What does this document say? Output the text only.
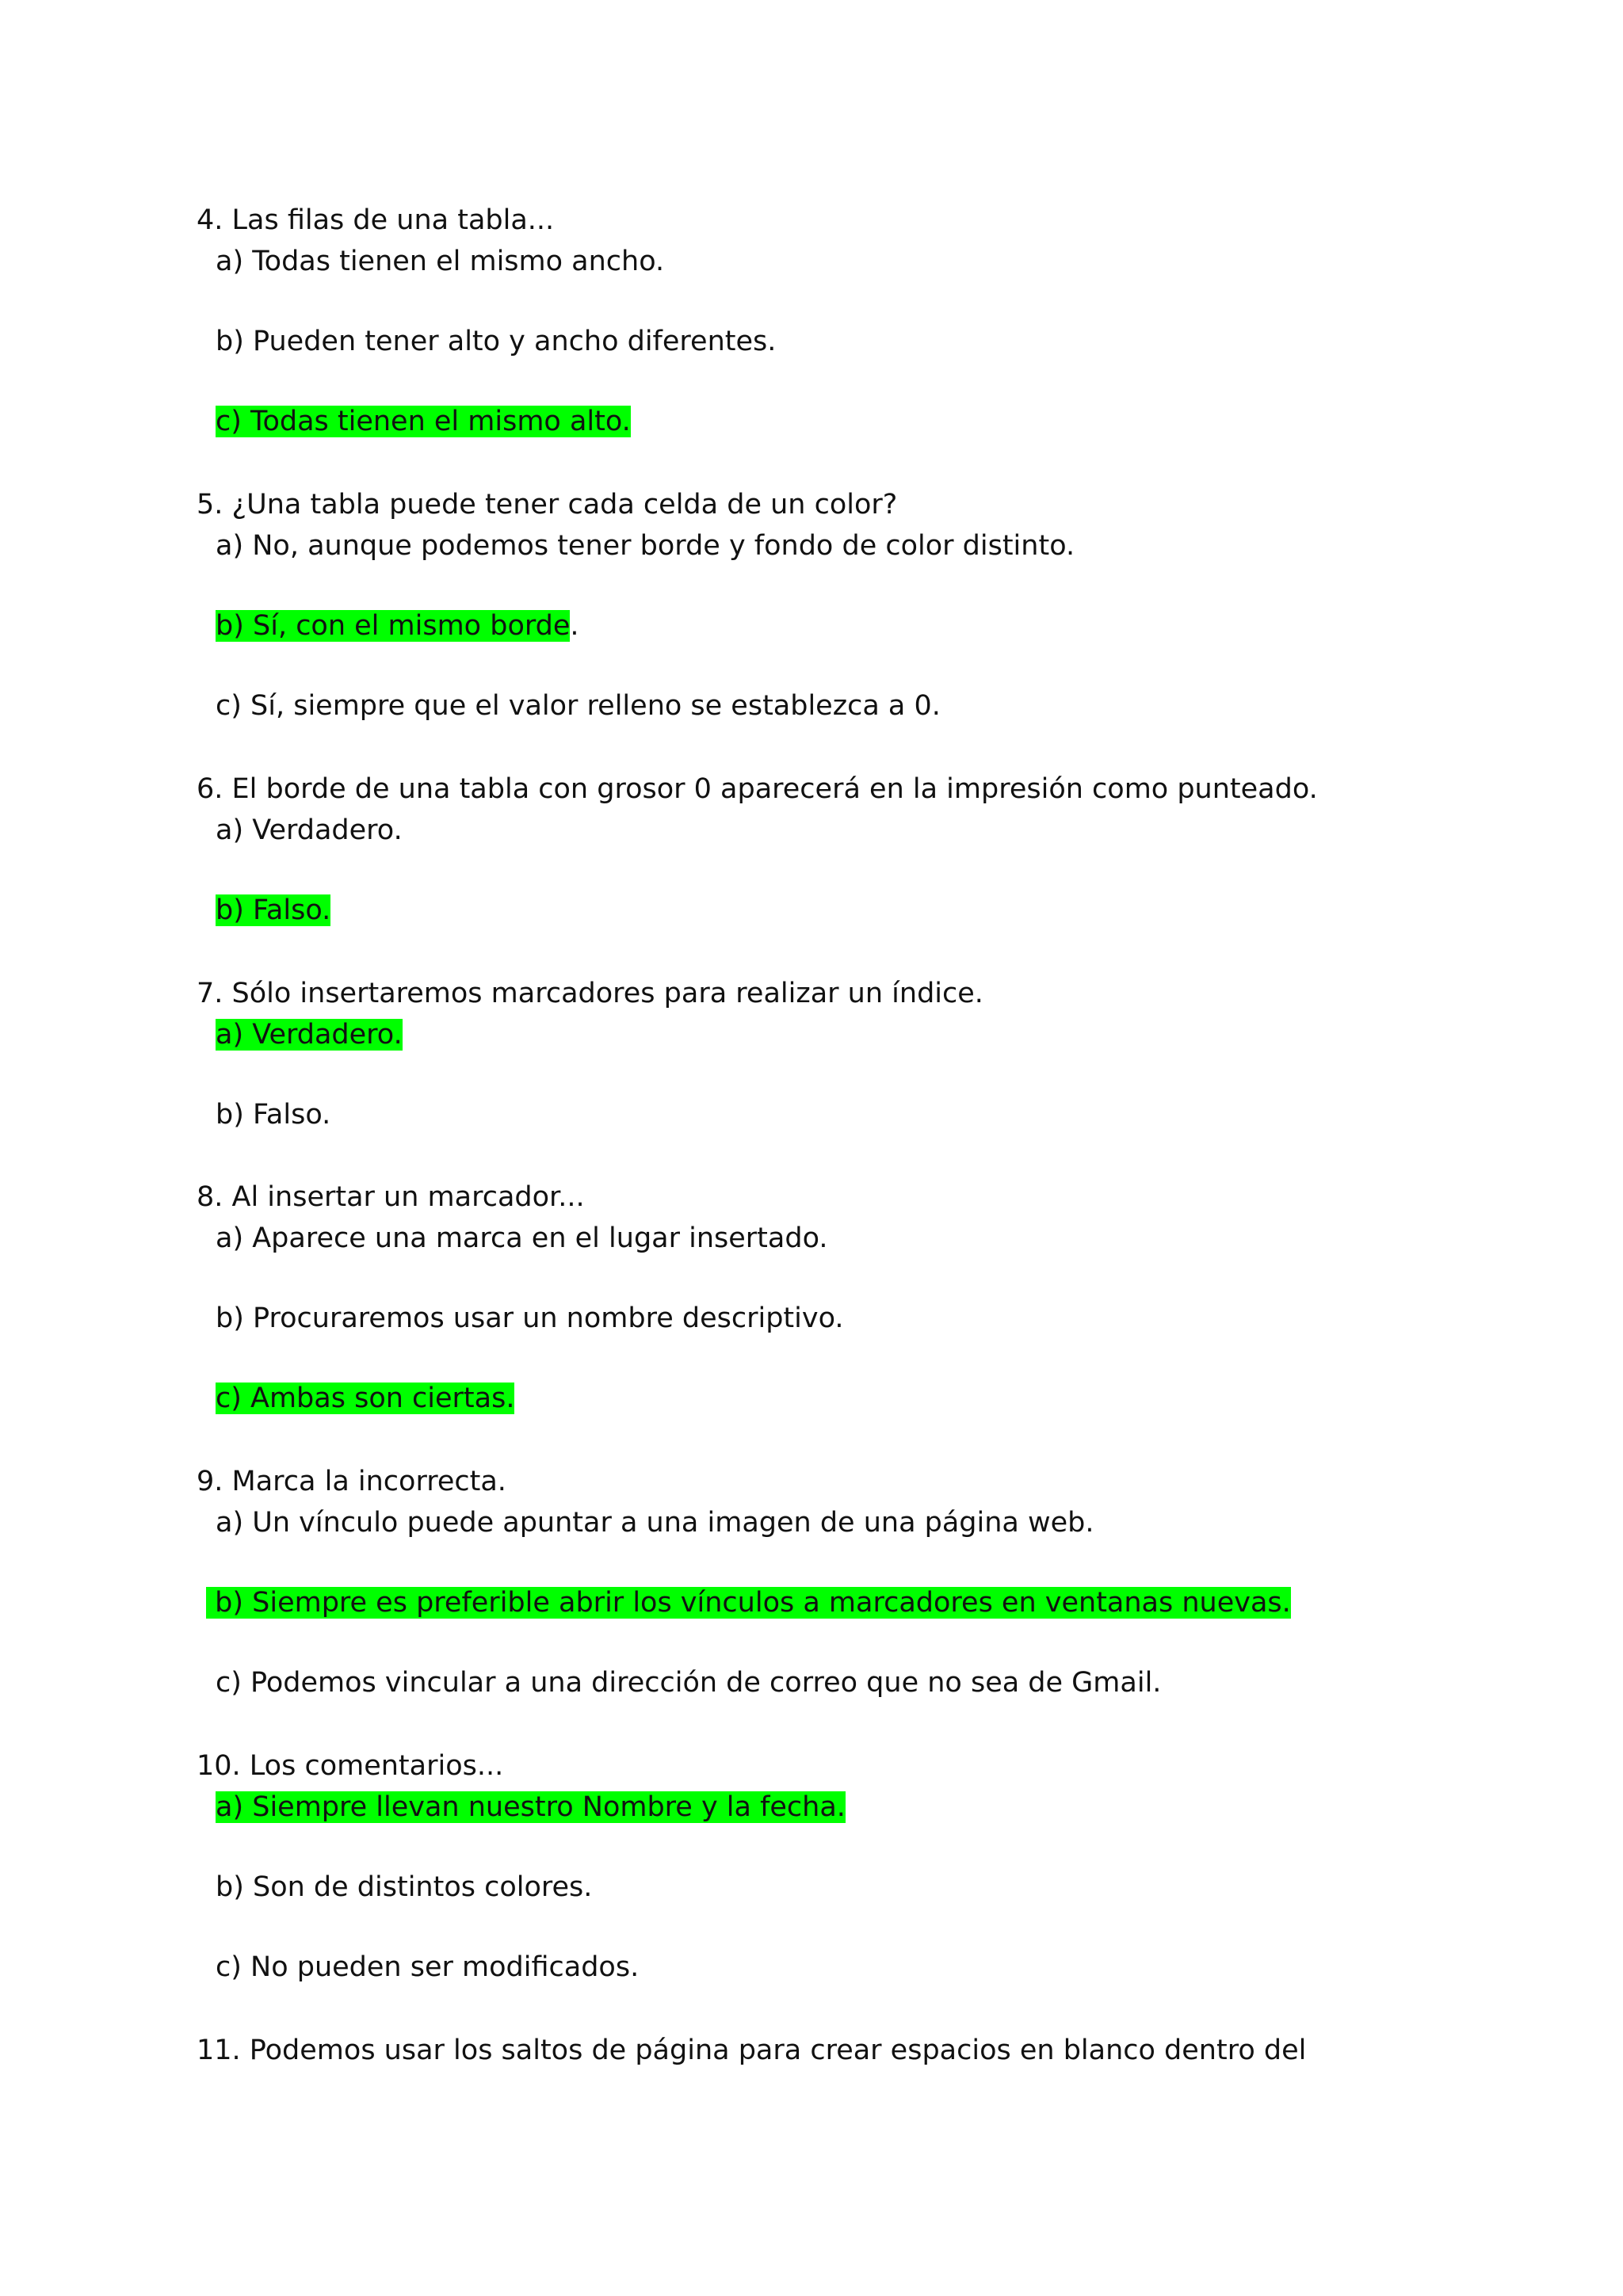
4. Las filas de una tabla...
a) Todas tienen el mismo ancho.
b) Pueden tener alto y ancho diferentes.
c) Todas tienen el mismo alto.
5. ¿Una tabla puede tener cada celda de un color?
a) No, aunque podemos tener borde y fondo de color distinto.
b) Sí, con el mismo borde.
c) Sí, siempre que el valor relleno se establezca a 0.
6. El borde de una tabla con grosor 0 aparecerá en la impresión como punteado.
a) Verdadero.
b) Falso.
7. Sólo insertaremos marcadores para realizar un índice.
a) Verdadero.
b) Falso.
8. Al insertar un marcador...
a) Aparece una marca en el lugar insertado.
b) Procuraremos usar un nombre descriptivo.
c) Ambas son ciertas.
9. Marca la incorrecta.
a) Un vínculo puede apuntar a una imagen de una página web.
b) Siempre es preferible abrir los vínculos a marcadores en ventanas nuevas.
c) Podemos vincular a una dirección de correo que no sea de Gmail.
10. Los comentarios...
a) Siempre llevan nuestro Nombre y la fecha.
b) Son de distintos colores.
c) No pueden ser modificados.
11. Podemos usar los saltos de página para crear espacios en blanco dentro del
